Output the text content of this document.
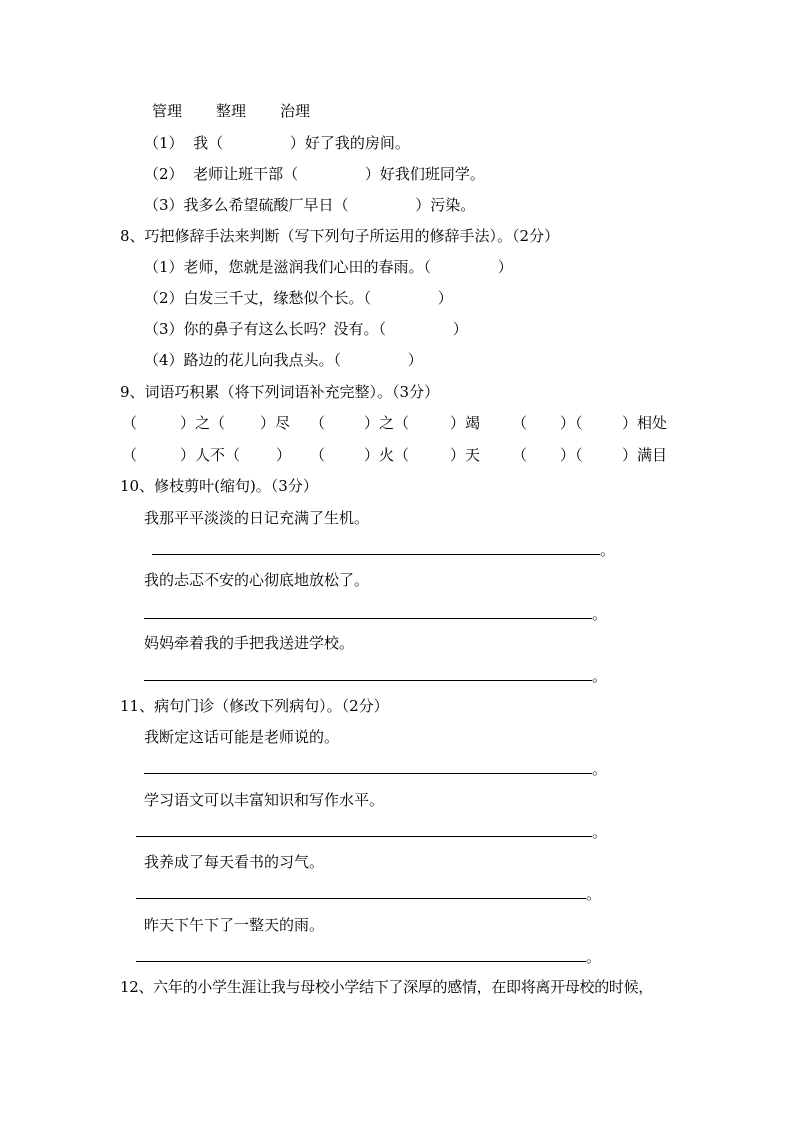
管理 整理 治理
（1）  我（              ）好了我的房间。
（2）  老师让班干部（              ）好我们班同学。
（3）我多么希望硫酸厂早日（              ）污染。
8、巧把修辞手法来判断（写下列句子所运用的修辞手法）。（2分）
（1）老师，您就是滋润我们心田的春雨。（              ）
（2）白发三千丈，缘愁似个长。（              ）
（3）你的鼻子有这么长吗？没有。（              ）
（4）路边的花儿向我点头。（              ）
9、词语巧积累（将下列词语补充完整）。（3分）
（	）之（ ）尽 （	）之（	）竭 （ ）（	）相处
（	）人不（ ） （	）火（	）天 （ ）（	）满目
10、修枝剪叶(缩句)。（3分）
我那平平淡淡的日记充满了生机。
。
我的忐忑不安的心彻底地放松了。
。
妈妈牵着我的手把我送进学校。
。
11、病句门诊（修改下列病句）。（2分）
我断定这话可能是老师说的。
。
学习语文可以丰富知识和写作水平。
。
我养成了每天看书的习气。
。
昨天下午下了一整天的雨。
。
12、六年的小学生涯让我与母校小学结下了深厚的感情，在即将离开母校的时候，
